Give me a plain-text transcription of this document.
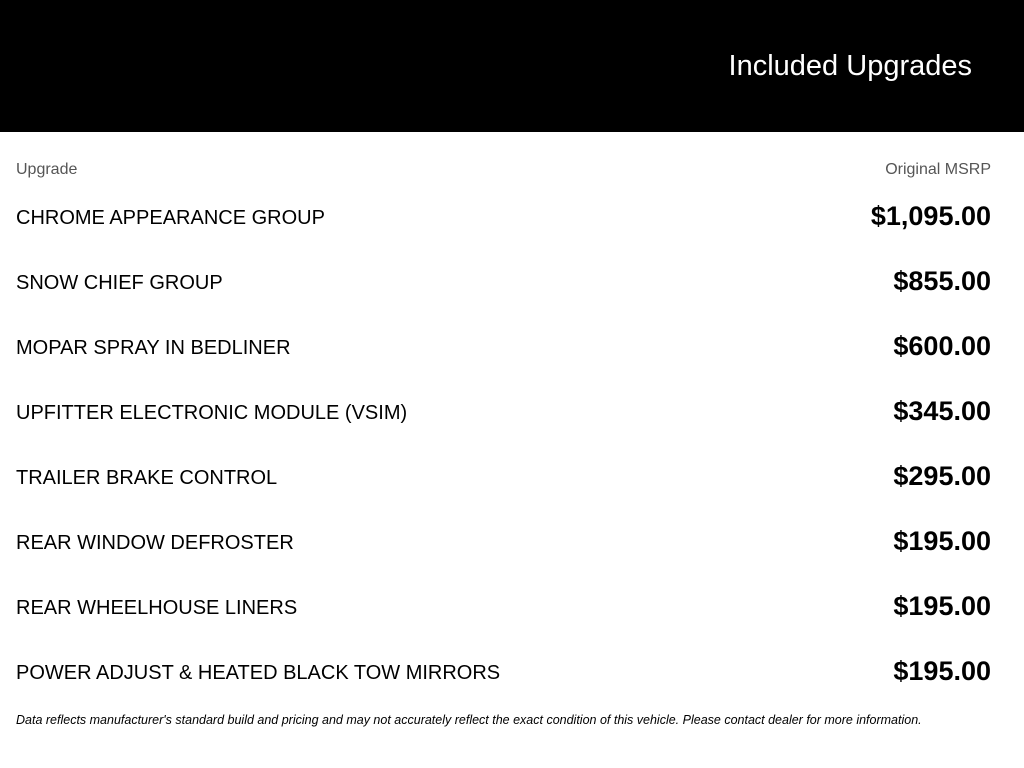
Included Upgrades
Upgrade	Original MSRP
CHROME APPEARANCE GROUP	$1,095.00
SNOW CHIEF GROUP	$855.00
MOPAR SPRAY IN BEDLINER	$600.00
UPFITTER ELECTRONIC MODULE (VSIM)	$345.00
TRAILER BRAKE CONTROL	$295.00
REAR WINDOW DEFROSTER	$195.00
REAR WHEELHOUSE LINERS	$195.00
POWER ADJUST & HEATED BLACK TOW MIRRORS	$195.00
Data reflects manufacturer's standard build and pricing and may not accurately reflect the exact condition of this vehicle. Please contact dealer for more information.
